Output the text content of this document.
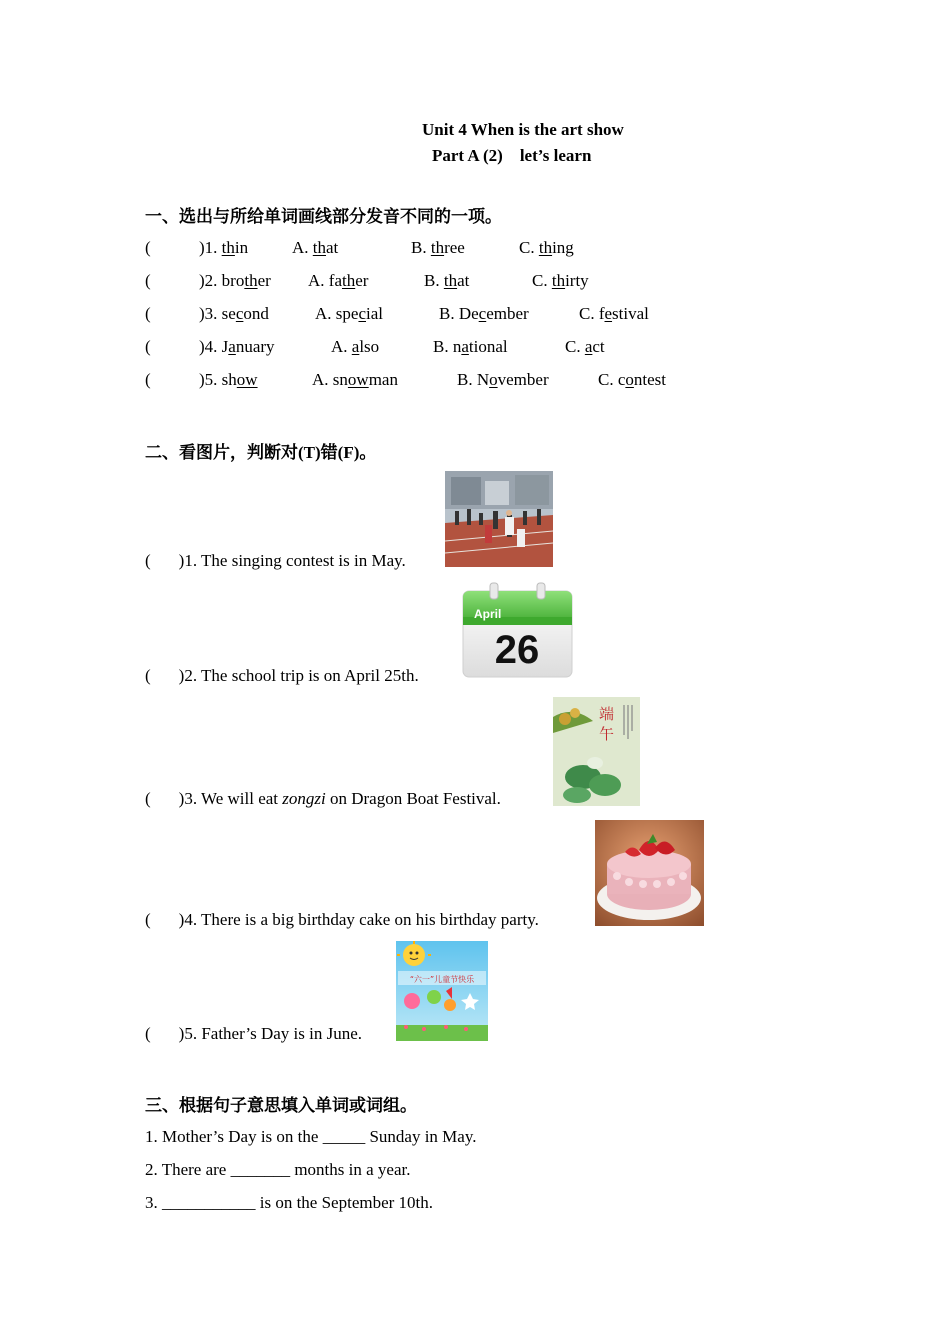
Unit 4 When is the art show
Part A (2)    let’s learn
一、选出与所给单词画线部分发音不同的一项。
(	)1. thin	A. that	B. three	C. thing
(	)2. brother A. father	B. that	C. thirty
(	)3. second	A. special	B. December	C. festival
(	)4. January	A. also	B. national	C. act
(	)5. show	A. snowman	B. November	C. contest
二、看图片，判断对(T)错(F)。
( )1. The singing contest is in May.
( )2. The school trip is on April 25th.
April
26
( )3. We will eat zongzi on Dragon Boat Festival.
端
午
( )4. There is a big birthday cake on his birthday party.
( )5. Father’s Day is in June.
“六一”儿童节快乐
三、根据句子意思填入单词或词组。
1. Mother’s Day is on the _____ Sunday in May.
2. There are _______ months in a year.
3. ___________ is on the September 10th.
